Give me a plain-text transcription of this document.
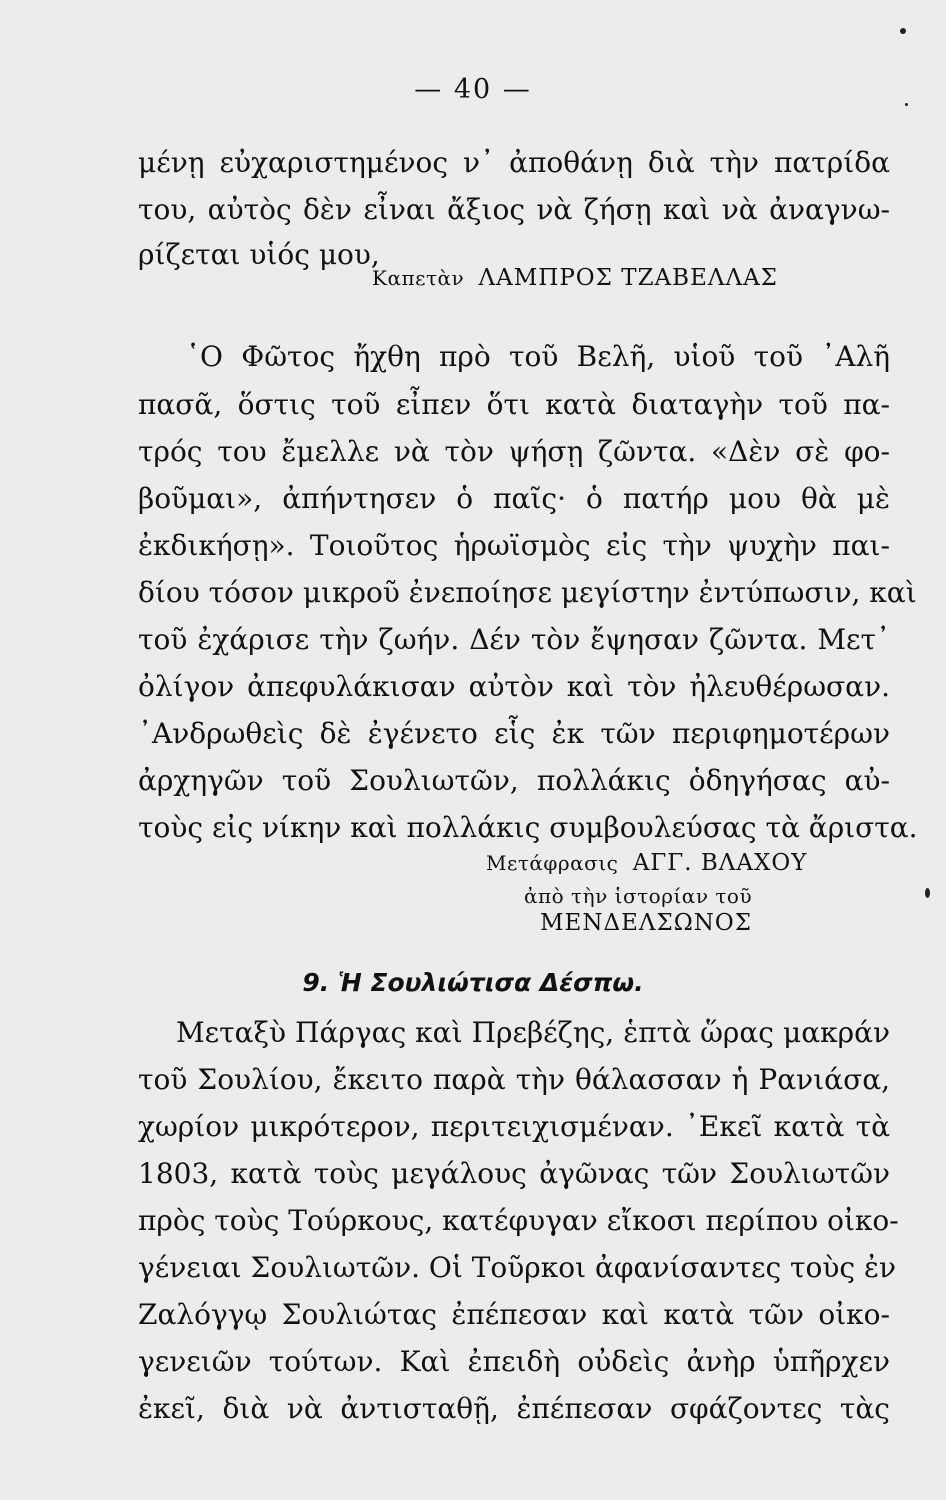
— 40 —
μένῃ εὐχαριστημένος ν᾿ ἀποθάνῃ διὰ τὴν πατρίδα
του, αὐτὸς δὲν εἶναι ἄξιος νὰ ζήσῃ καὶ νὰ ἀναγνω-
ρίζεται υἱός μου,
Καπετὰν ΛΑΜΠΡΟΣ ΤΖΑΒΕΛΛΑΣ
῾Ο Φῶτος ἤχθη πρὸ τοῦ Βελῆ, υἱοῦ τοῦ ᾿Αλῆ
πασᾶ, ὅστις τοῦ εἶπεν ὅτι κατὰ διαταγὴν τοῦ πα-
τρός του ἔμελλε νὰ τὸν ψήσῃ ζῶντα. «Δὲν σὲ φο-
βοῦμαι», ἀπήντησεν ὁ παῖς· ὁ πατήρ μου θὰ μὲ
ἐκδικήσῃ». Τοιοῦτος ἡρωϊσμὸς εἰς τὴν ψυχὴν παι-
δίου τόσον μικροῦ ἐνεποίησε μεγίστην ἐντύπωσιν, καὶ
τοῦ ἐχάρισε τὴν ζωήν. Δέν τὸν ἔψησαν ζῶντα. Μετ᾿
ὀλίγον ἀπεφυλάκισαν αὐτὸν καὶ τὸν ἠλευθέρωσαν.
᾿Ανδρωθεὶς δὲ ἐγένετο εἷς ἐκ τῶν περιφημοτέρων
ἀρχηγῶν τοῦ Σουλιωτῶν, πολλάκις ὁδηγήσας αὐ-
τοὺς εἰς νίκην καὶ πολλάκις συμβουλεύσας τὰ ἄριστα.
Μετάφρασις ΑΓΓ. ΒΛΑΧΟΥ
ἀπὸ τὴν ἱστορίαν τοῦ
ΜΕΝΔΕΛΣΩΝΟΣ
9. Ἡ Σουλιώτισα Δέσπω.
Μεταξὺ Πάργας καὶ Πρεβέζης, ἑπτὰ ὥρας μακράν
τοῦ Σουλίου, ἔκειτο παρὰ τὴν θάλασσαν ἡ Ρανιάσα,
χωρίον μικρότερον, περιτειχισμέναν. ᾿Εκεῖ κατὰ τὰ
1803, κατὰ τοὺς μεγάλους ἀγῶνας τῶν Σουλιωτῶν
πρὸς τοὺς Τούρκους, κατέφυγαν εἴκοσι περίπου οἰκο-
γένειαι Σουλιωτῶν. Οἱ Τοῦρκοι ἀφανίσαντες τοὺς ἐν
Ζαλόγγῳ Σουλιώτας ἐπέπεσαν καὶ κατὰ τῶν οἰκο-
γενειῶν τούτων. Καὶ ἐπειδὴ οὐδεὶς ἀνὴρ ὑπῆρχεν
ἐκεῖ, διὰ νὰ ἀντισταθῇ, ἐπέπεσαν σφάζοντες τὰς
